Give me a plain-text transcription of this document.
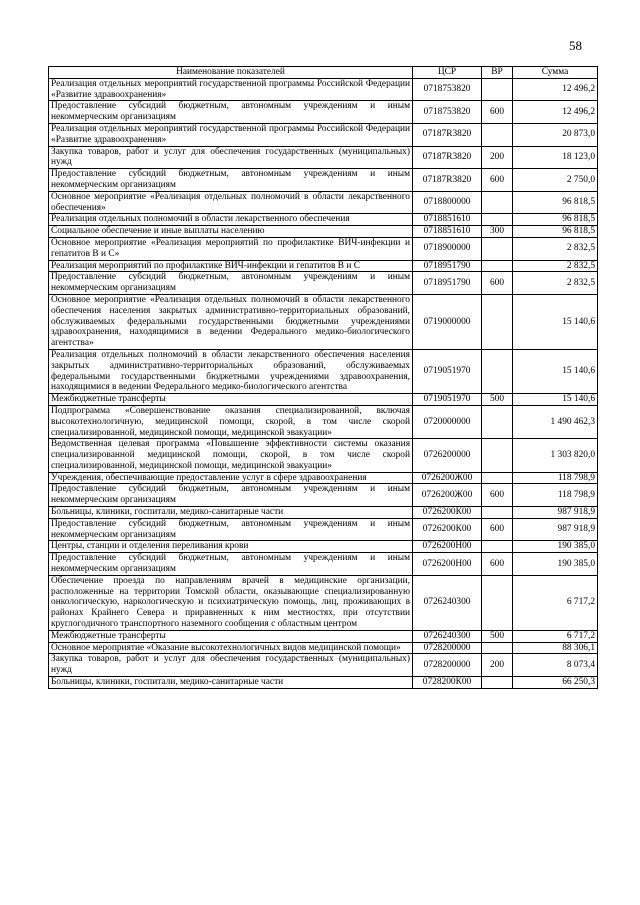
58
Наименование показателей	ЦСР	ВР	Сумма
Реализация отдельных мероприятий государственной программы Российской Федерации «Развитие здравоохранения»	0718753820		12 496,2
Предоставление субсидий бюджетным, автономным учреждениям и иным некоммерческим организациям	0718753820	600	12 496,2
Реализация отдельных мероприятий государственной программы Российской Федерации «Развитие здравоохранения»	07187R3820		20 873,0
Закупка товаров, работ и услуг для обеспечения государственных (муниципальных) нужд	07187R3820	200	18 123,0
Предоставление субсидий бюджетным, автономным учреждениям и иным некоммерческим организациям	07187R3820	600	2 750,0
Основное мероприятие «Реализация отдельных полномочий в области лекарственного обеспечения»	0718800000		96 818,5
Реализация отдельных полномочий в области лекарственного обеспечения	0718851610		96 818,5
Социальное обеспечение и иные выплаты населению	0718851610	300	96 818,5
Основное мероприятие «Реализация мероприятий по профилактике ВИЧ-инфекции и гепатитов В и С»	0718900000		2 832,5
Реализация мероприятий по профилактике ВИЧ-инфекции и гепатитов В и С	0718951790		2 832,5
Предоставление субсидий бюджетным, автономным учреждениям и иным некоммерческим организациям	0718951790	600	2 832,5
Основное мероприятие «Реализация отдельных полномочий в области лекарственного обеспечения населения закрытых административно-территориальных образований, обслуживаемых федеральными государственными бюджетными учреждениями здравоохранения, находящимися в ведении Федерального медико-биологического агентства»	0719000000		15 140,6
Реализация отдельных полномочий в области лекарственного обеспечения населения закрытых административно-территориальных образований, обслуживаемых федеральными государственными бюджетными учреждениями здравоохранения, находящимися в ведении Федерального медико-биологического агентства	0719051970		15 140,6
Межбюджетные трансферты	0719051970	500	15 140,6
Подпрограмма «Совершенствование оказания специализированной, включая высокотехнологичную, медицинской помощи, скорой, в том числе скорой специализированной, медицинской помощи, медицинской эвакуации»	0720000000		1 490 462,3
Ведомственная целевая программа «Повышение эффективности системы оказания специализированной медицинской помощи, скорой, в том числе скорой специализированной, медицинской помощи, медицинской эвакуации»	0726200000		1 303 820,0
Учреждения, обеспечивающие предоставление услуг в сфере здравоохранения	0726200Ж00		118 798,9
Предоставление субсидий бюджетным, автономным учреждениям и иным некоммерческим организациям	0726200Ж00	600	118 798,9
Больницы, клиники, госпитали, медико-санитарные части	0726200К00		987 918,9
Предоставление субсидий бюджетным, автономным учреждениям и иным некоммерческим организациям	0726200К00	600	987 918,9
Центры, станции и отделения переливания крови	0726200Н00		190 385,0
Предоставление субсидий бюджетным, автономным учреждениям и иным некоммерческим организациям	0726200Н00	600	190 385,0
Обеспечение проезда по направлениям врачей в медицинские организации, расположенные на территории Томской области, оказывающие специализированную онкологическую, наркологическую и психиатрическую помощь, лиц, проживающих в районах Крайнего Севера и приравненных к ним местностях, при отсутствии круглогодичного транспортного наземного сообщения с областным центром	0726240300		6 717,2
Межбюджетные трансферты	0726240300	500	6 717,2
Основное мероприятие «Оказание высокотехнологичных видов медицинской помощи»	0728200000		88 306,1
Закупка товаров, работ и услуг для обеспечения государственных (муниципальных) нужд	0728200000	200	8 073,4
Больницы, клиники, госпитали, медико-санитарные части	0728200К00		66 250,3
